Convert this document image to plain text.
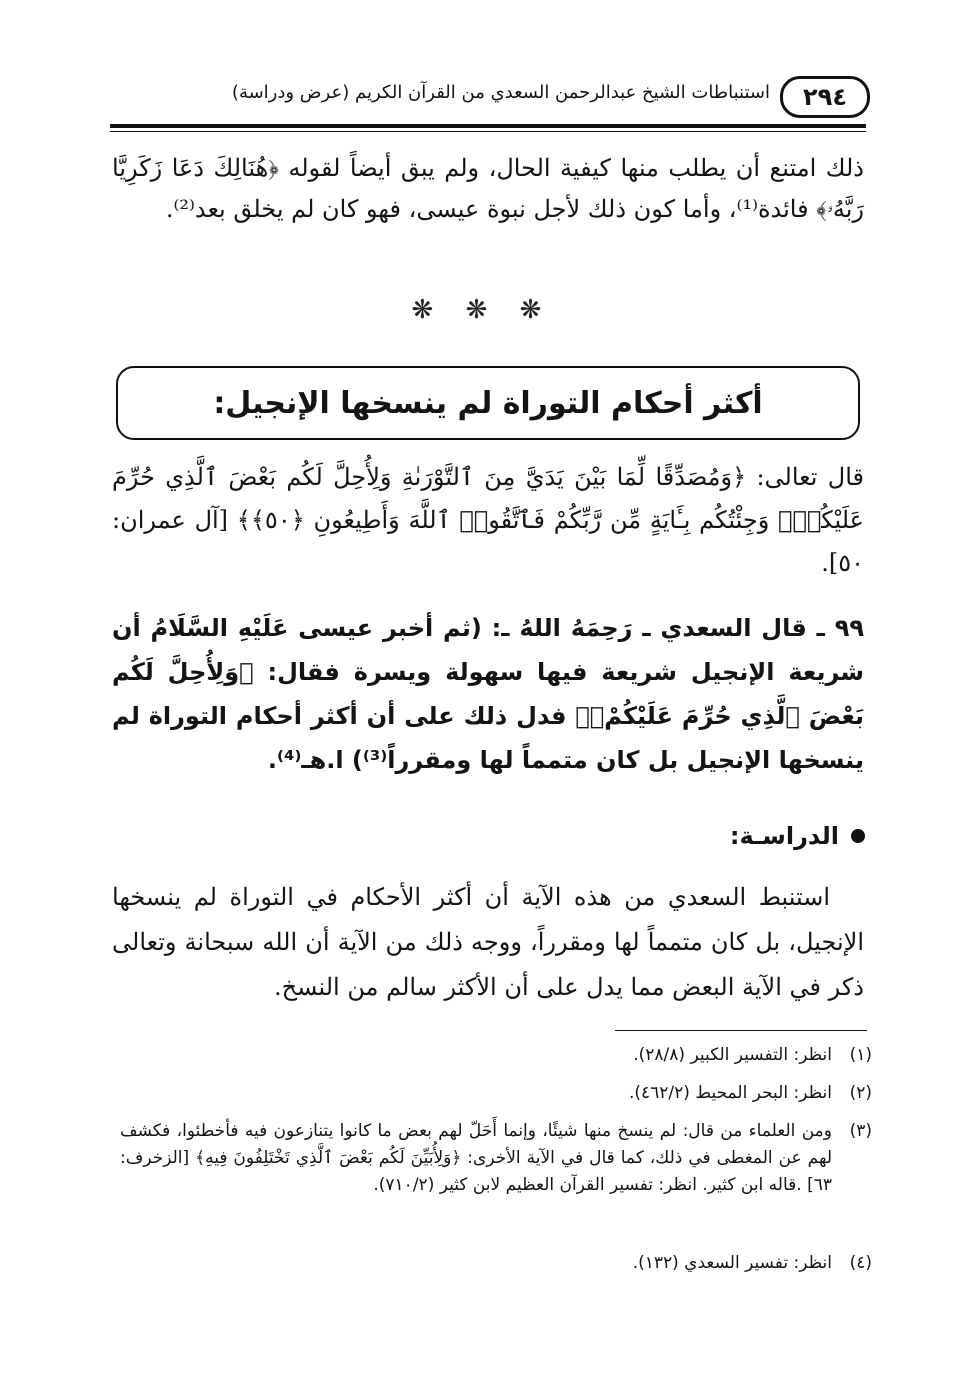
٢٩٤
استنباطات الشيخ عبدالرحمن السعدي من القرآن الكريم (عرض ودراسة)
ذلك امتنع أن يطلب منها كيفية الحال، ولم يبق أيضاً لقوله ﴿هُنَالِكَ دَعَا زَكَرِيَّا رَبَّهُۥ﴾ فائدة⁽¹⁾، وأما كون ذلك لأجل نبوة عيسى، فهو كان لم يخلق بعد⁽²⁾.
❋ ❋ ❋
أكثر أحكام التوراة لم ينسخها الإنجيل:
قال تعالى: ﴿وَمُصَدِّقًا لِّمَا بَيْنَ يَدَيَّ مِنَ ٱلتَّوْرَىٰةِ وَلِأُحِلَّ لَكُم بَعْضَ ٱلَّذِي حُرِّمَ عَلَيْكُمْۚ وَجِئْتُكُم بِـَٔايَةٍ مِّن رَّبِّكُمْ فَٱتَّقُوا۟ ٱللَّهَ وَأَطِيعُونِ ﴿٥٠﴾﴾ [آل عمران: ٥٠].
٩٩ ـ قال السعدي ـ رَحِمَهُ اللهُ ـ: (ثم أخبر عيسى عَلَيْهِ السَّلَامُ أن شريعة الإنجيل شريعة فيها سهولة ويسرة فقال: ﴿وَلِأُحِلَّ لَكُم بَعْضَ ٱلَّذِي حُرِّمَ عَلَيْكُمْۚ﴾ فدل ذلك على أن أكثر أحكام التوراة لم ينسخها الإنجيل بل كان متمماً لها ومقرراً⁽³⁾) ا.هـ⁽⁴⁾.
الدراسـة:
استنبط السعدي من هذه الآية أن أكثر الأحكام في التوراة لم ينسخها الإنجيل، بل كان متمماً لها ومقرراً، ووجه ذلك من الآية أن الله سبحانة وتعالى ذكر في الآية البعض مما يدل على أن الأكثر سالم من النسخ.
(١)انظر: التفسير الكبير (٢٨/٨).
(٢)انظر: البحر المحيط (٤٦٢/٢).
(٣)
ومن العلماء من قال: لم ينسخ منها شيئًا، وإنما أَحَلّ لهم بعض ما كانوا يتنازعون فيه فأخطئوا، فكشف لهم عن المغطى في ذلك، كما قال في الآية الأخرى: ﴿وَلِأُبَيِّنَ لَكُم بَعْضَ ٱلَّذِي تَخْتَلِفُونَ فِيهِ﴾ [الزخرف: ٦٣] .قاله ابن كثير. انظر: تفسير القرآن العظيم لابن كثير (٧١٠/٢).
(٤)انظر: تفسير السعدي (١٣٢).
